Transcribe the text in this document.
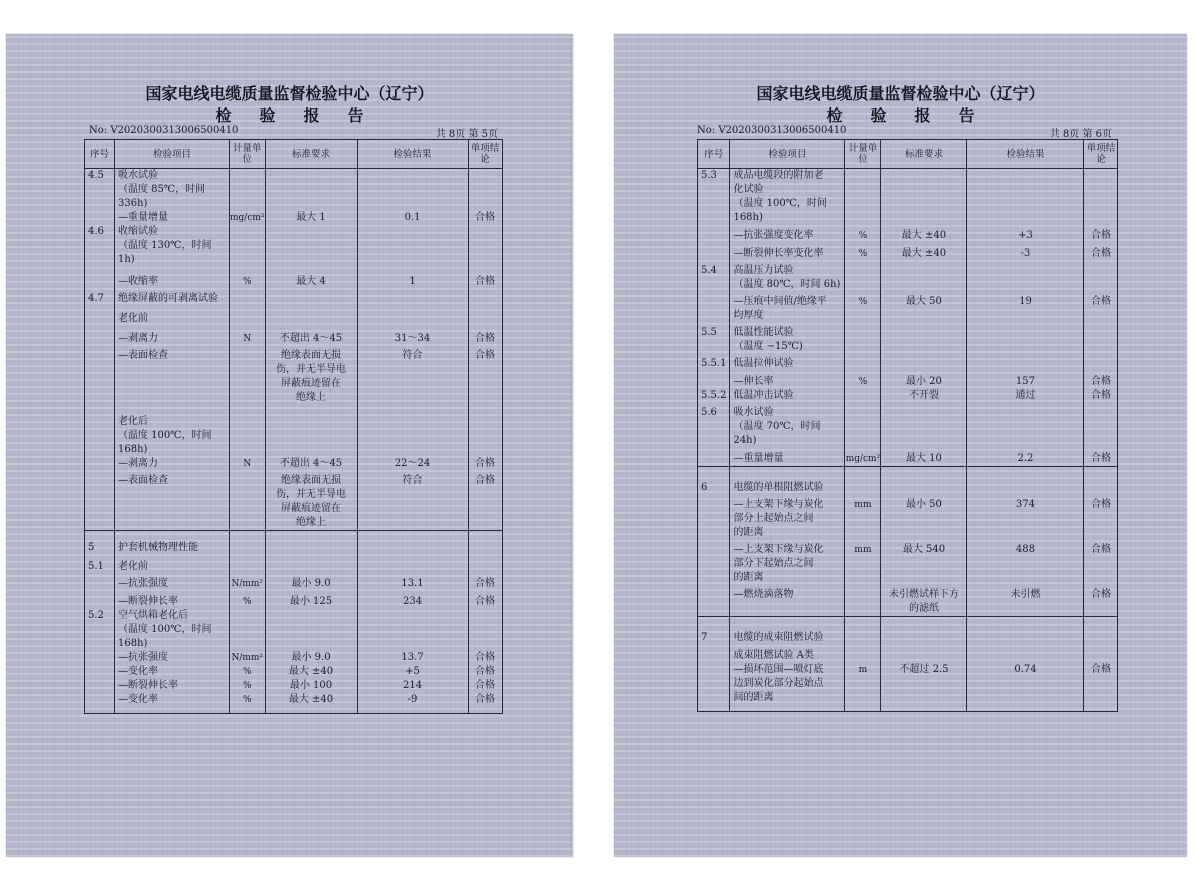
国家电线电缆质量监督检验中心（辽宁）
检验报告
No: V2020300313006500410	共 8页 第 5页
序号	检验项目	计量单位	标准要求	检验结果	单项结论
4.5	吸水试验
（温度 85℃，时间
336h)				
	—重量增量	mg/cm²	最大 1	0.1	合格
4.6	收缩试验
（温度 130℃，时间
1h)				
	—收缩率	%	最大 4	1	合格
4.7	绝缘屏蔽的可剥离试验				
	老化前				
	—剥离力	N	不超出 4～45	31～34	合格
	—表面检查		绝缘表面无损
伤，并无半导电
屏蔽痕迹留在
绝缘上	符合	合格
	老化后
（温度 100℃，时间
168h)				
	—剥离力	N	不超出 4～45	22～24	合格
	—表面检查		绝缘表面无损
伤，并无半导电
屏蔽痕迹留在
绝缘上	符合	合格
5	护套机械物理性能				
5.1	老化前				
	—抗张强度	N/mm²	最小 9.0	13.1	合格
	—断裂伸长率	%	最小 125	234	合格
5.2	空气烘箱老化后
（温度 100℃，时间
168h)				
	—抗张强度	N/mm²	最小 9.0	13.7	合格
	—变化率	%	最大 ±40	+5	合格
	—断裂伸长率	%	最小 100	214	合格
	—变化率	%	最大 ±40	-9	合格
国家电线电缆质量监督检验中心（辽宁）
检验报告
No: V2020300313006500410	共 8页 第 6页
序号	检验项目	计量单位	标准要求	检验结果	单项结论
5.3	成品电缆段的附加老
化试验
（温度 100℃，时间
168h)				
	—抗张强度变化率	%	最大 ±40	+3	合格
	—断裂伸长率变化率	%	最大 ±40	-3	合格
5.4	高温压力试验
（温度 80℃，时间 6h)				
	—压痕中间值/绝缘平
均厚度	%	最大 50	19	合格
5.5	低温性能试验
（温度 −15℃)				
5.5.1	低温拉伸试验				
	—伸长率	%	最小 20	157	合格
5.5.2	低温冲击试验		不开裂	通过	合格
5.6	吸水试验
（温度 70℃，时间
24h)				
	—重量增量	mg/cm²	最大 10	2.2	合格
6	电缆的单根阻燃试验				
	—上支架下缘与炭化
部分上起始点之间
的距离	mm	最小 50	374	合格
	—上支架下缘与炭化
部分下起始点之间
的距离	mm	最大 540	488	合格
	—燃烧滴落物		未引燃试样下方
的滤纸	未引燃	合格
7	电缆的成束阻燃试验				
	成束阻燃试验 A类				
	—损坏范围—喷灯底
边到炭化部分起始点
间的距离	m	不超过 2.5	0.74	合格
